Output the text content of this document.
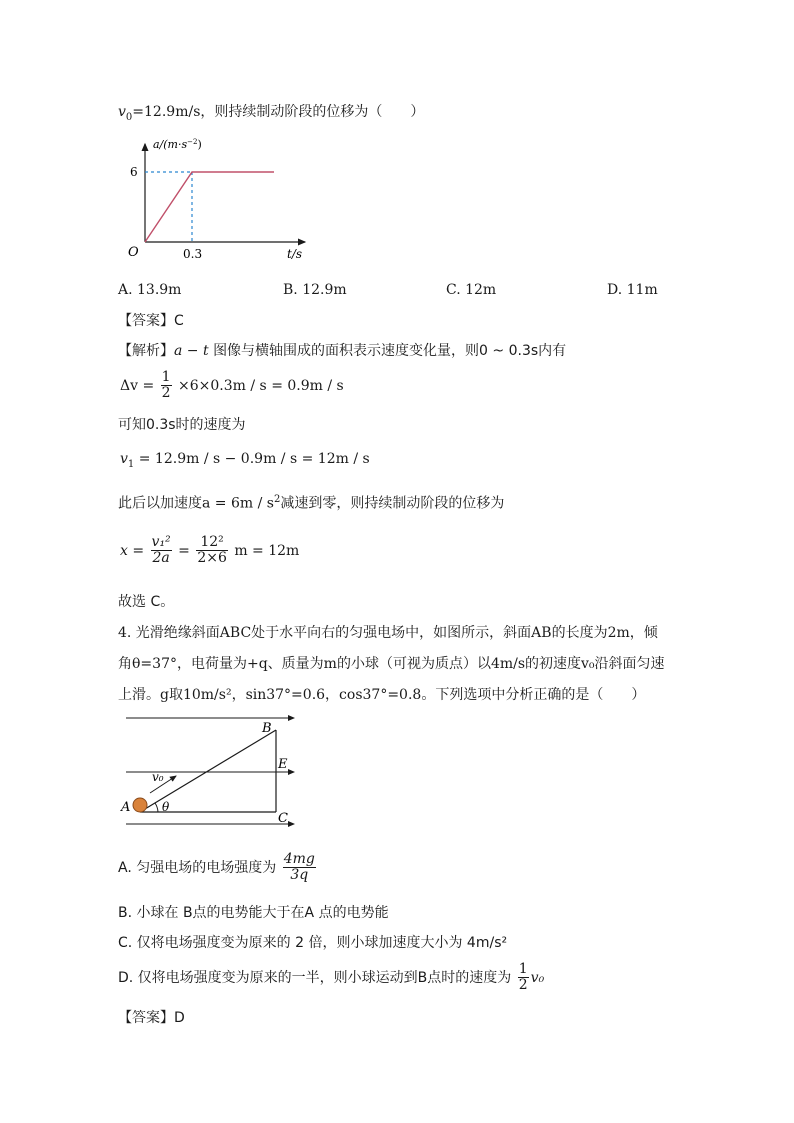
$v_0=12.9m/s$，则持续制动阶段的位移为（　　）
$a/(m\cdot s^{-2})$
6
O	0.3	t/s
A. 13.9m	B. 12.9m	C. 12m	D. 11m
【答案】C
【解析】a − t 图像与横轴围成的面积表示速度变化量，则0 ~ 0.3s内有
$\Delta v = \frac{1}{2} \times 6\times 0.3m / s = 0.9m / s$
可知0.3s时的速度为
$v_1 = 12.9m / s - 0.9m / s = 12m / s$
此后以加速度$a = 6m / s^2$减速到零，则持续制动阶段的位移为
$x = \frac{\text{v₁²}}{2a} = \frac{\text{12²}}{2\times 6}$ m = 12m
故选 C。
4. 光滑绝缘斜面ABC处于水平向右的匀强电场中，如图所示，斜面AB的长度为2m，倾
角θ=37°，电荷量为+q、质量为m的小球（可视为质点）以4m/s的初速度v₀沿斜面匀速
上滑。g取10m/s²，sin37°=0.6，cos37°=0.8。下列选项中分析正确的是（　　）
A
B
C
E
v₀
θ
A. 匀强电场的电场强度为 $\frac{4mg}{3q}$
B. 小球在 B点的电势能大于在A 点的电势能
C. 仅将电场强度变为原来的 2 倍，则小球加速度大小为 4m/s²
D. 仅将电场强度变为原来的一半，则小球运动到B点时的速度为 $\frac{1}{2} v_0$
【答案】D
